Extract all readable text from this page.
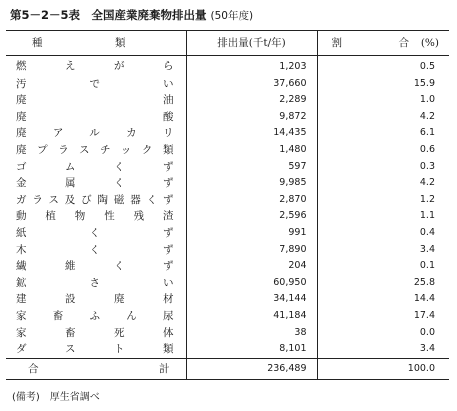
第5－2－5表　全国産業廃棄物排出量 (50年度)
種　　類	排出量(千t/年)	割　　合(%)
燃えがら	1,203	0.5
汚でい	37,660	15.9
廃油	2,289	1.0
廃酸	9,872	4.2
廃アルカリ	14,435	6.1
廃プラスチック類	1,480	0.6
ゴムくず	597	0.3
金属くず	9,985	4.2
ガラス及び陶磁器くず	2,870	1.2
動植物性残渣	2,596	1.1
紙くず	991	0.4
木くず	7,890	3.4
繊維くず	204	0.1
鉱さい	60,950	25.8
建設廃材	34,144	14.4
家畜ふん尿	41,184	17.4
家畜死体	38	0.0
ダスト類	8,101	3.4
合計	236,489	100.0
(備考)　厚生省調べ
